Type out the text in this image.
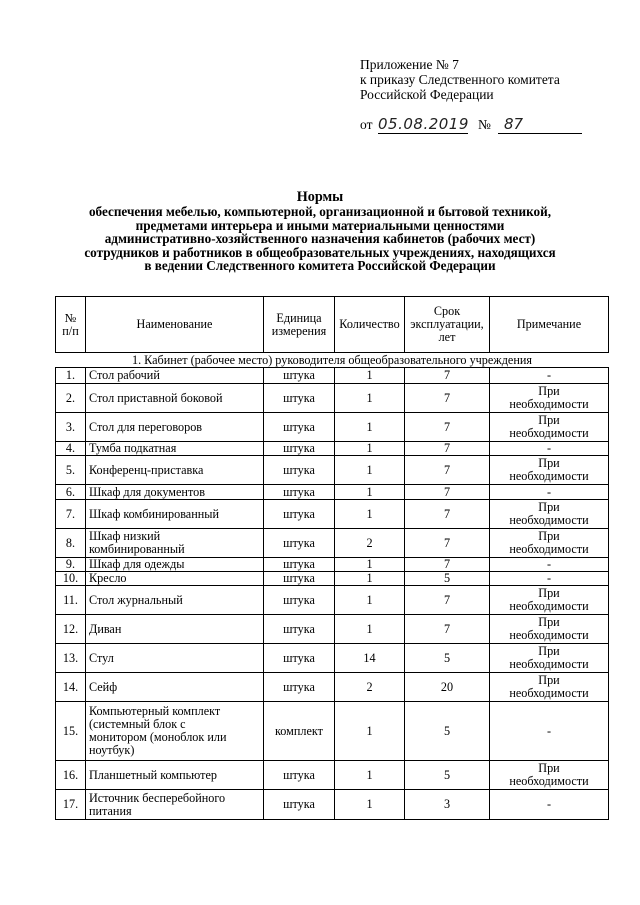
Приложение № 7
к приказу Следственного комитета
Российской Федерации
от 05.08.2019 № 87
Нормы
обеспечения мебелью, компьютерной, организационной и бытовой техникой,
предметами интерьера и иными материальными ценностями
административно-хозяйственного назначения кабинетов (рабочих мест)
сотрудников и работников в общеобразовательных учреждениях, находящихся
в ведении Следственного комитета Российской Федерации
№
п/п	Наименование	Единица
измерения	Количество	Срок
эксплуатации,
лет	Примечание
1. Кабинет (рабочее место) руководителя общеобразовательного учреждения					
1.	Стол рабочий	штука	1	7	-
2.	Стол приставной боковой	штука	1	7	При
необходимости
3.	Стол для переговоров	штука	1	7	При
необходимости
4.	Тумба подкатная	штука	1	7	-
5.	Конференц-приставка	штука	1	7	При
необходимости
6.	Шкаф для документов	штука	1	7	-
7.	Шкаф комбинированный	штука	1	7	При
необходимости
8.	Шкаф низкий
комбинированный	штука	2	7	При
необходимости
9.	Шкаф для одежды	штука	1	7	-
10.	Кресло	штука	1	5	-
11.	Стол журнальный	штука	1	7	При
необходимости
12.	Диван	штука	1	7	При
необходимости
13.	Стул	штука	14	5	При
необходимости
14.	Сейф	штука	2	20	При
необходимости
15.	Компьютерный комплект
(системный блок с
монитором (моноблок или
ноутбук)	комплект	1	5	-
16.	Планшетный компьютер	штука	1	5	При
необходимости
17.	Источник бесперебойного
питания	штука	1	3	-
